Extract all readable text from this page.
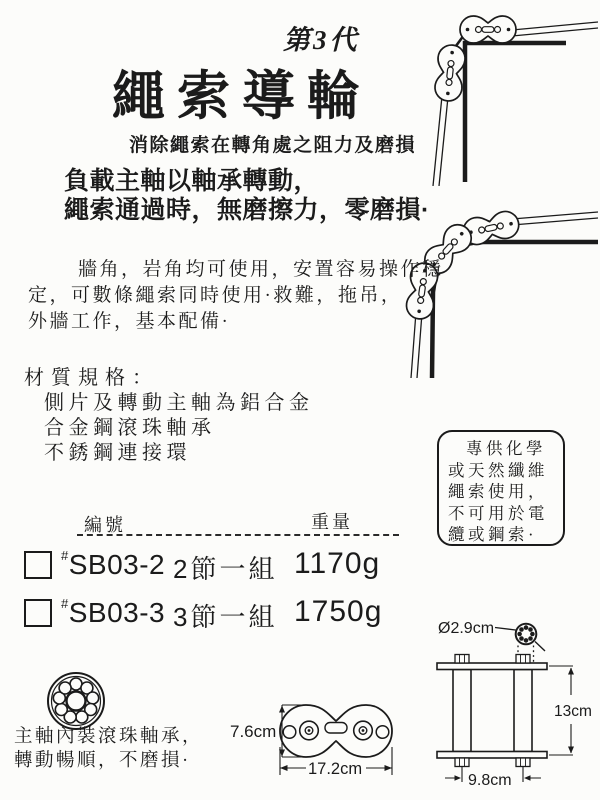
第3代
繩索導輪
消除繩索在轉角處之阻力及磨損
負載主軸以軸承轉動，
繩索通過時，無磨擦力，零磨損·
牆角，岩角均可使用，安置容易操作穩
定，可數條繩索同時使用·救難，拖吊，
外牆工作，基本配備·
材質規格：
側片及轉動主軸為鋁合金
合金鋼滾珠軸承
不銹鋼連接環	專供化學
或天然纖維
繩索使用，
不可用於電
纜或鋼索·
編號	重量
#SB03-2 2節一組 1170g
#SB03-3 3節一組 1750g
主軸內裝滾珠軸承，
轉動暢順，不磨損·
7.6cm
17.2cm
Ø2.9cm
13cm
9.8cm
